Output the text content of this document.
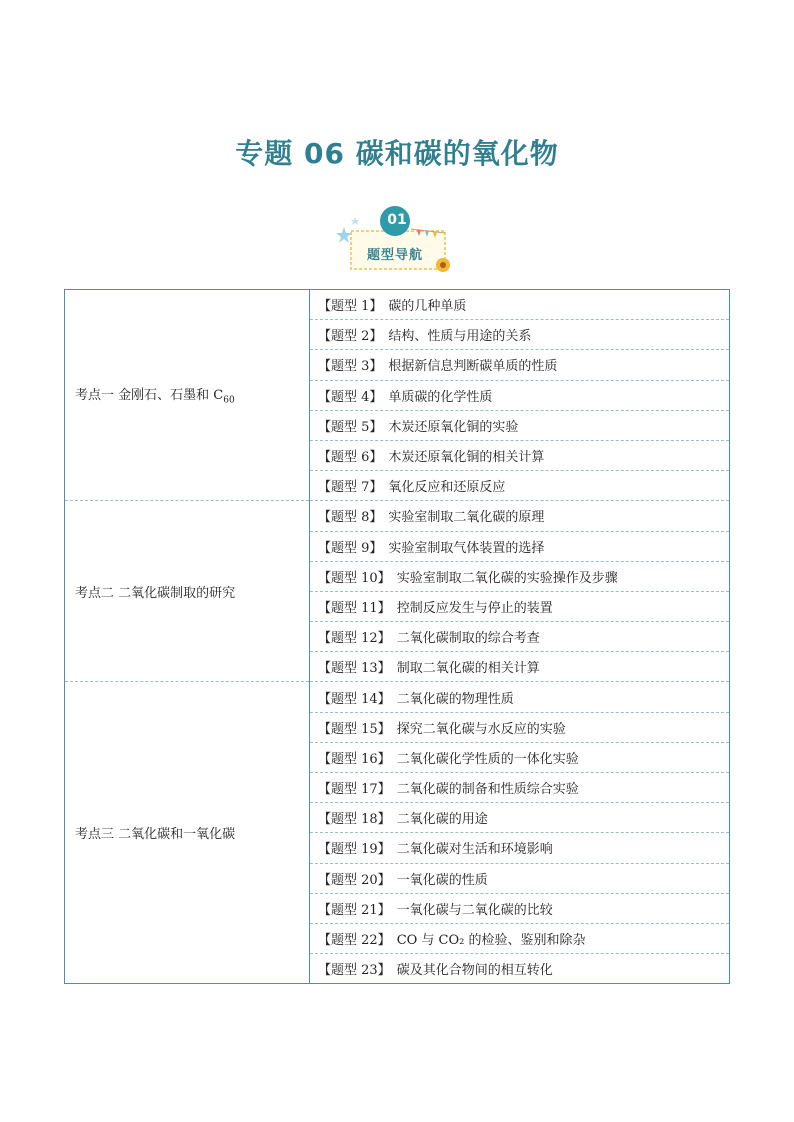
专题 06 碳和碳的氧化物
01
题型导航
考点一 金刚石、石墨和 $C_{60}$	【题型 1】 碳的几种单质
	【题型 2】 结构、性质与用途的关系
	【题型 3】 根据新信息判断碳单质的性质
	【题型 4】 单质碳的化学性质
	【题型 5】 木炭还原氧化铜的实验
	【题型 6】 木炭还原氧化铜的相关计算
	【题型 7】 氧化反应和还原反应
考点二 二氧化碳制取的研究	【题型 8】 实验室制取二氧化碳的原理
	【题型 9】 实验室制取气体装置的选择
	【题型 10】 实验室制取二氧化碳的实验操作及步骤
	【题型 11】 控制反应发生与停止的装置
	【题型 12】 二氧化碳制取的综合考查
	【题型 13】 制取二氧化碳的相关计算
考点三 二氧化碳和一氧化碳	【题型 14】 二氧化碳的物理性质
	【题型 15】 探究二氧化碳与水反应的实验
	【题型 16】 二氧化碳化学性质的一体化实验
	【题型 17】 二氧化碳的制备和性质综合实验
	【题型 18】 二氧化碳的用途
	【题型 19】 二氧化碳对生活和环境影响
	【题型 20】 一氧化碳的性质
	【题型 21】 一氧化碳与二氧化碳的比较
	【题型 22】 CO 与 CO₂ 的检验、鉴别和除杂
	【题型 23】 碳及其化合物间的相互转化
